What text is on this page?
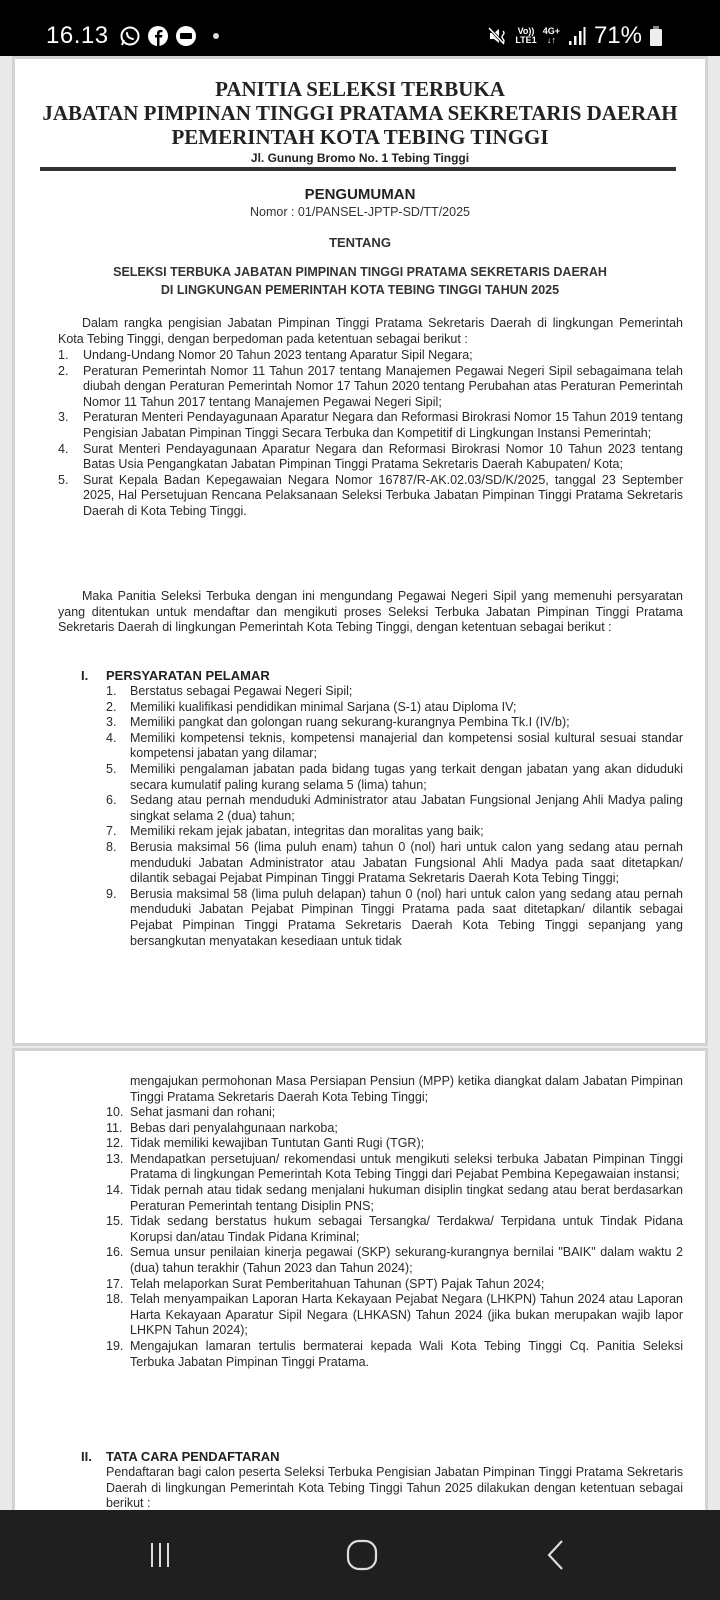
16.13	Vo))
LTE1
4G+
↓↑ 71%
PANITIA SELEKSI TERBUKA
JABATAN PIMPINAN TINGGI PRATAMA SEKRETARIS DAERAH
PEMERINTAH KOTA TEBING TINGGI
Jl. Gunung Bromo No. 1 Tebing Tinggi
PENGUMUMAN
Nomor : 01/PANSEL-JPTP-SD/TT/2025
TENTANG
SELEKSI TERBUKA JABATAN PIMPINAN TINGGI PRATAMA SEKRETARIS DAERAH
DI LINGKUNGAN PEMERINTAH KOTA TEBING TINGGI TAHUN 2025

Dalam rangka pengisian Jabatan Pimpinan Tinggi Pratama Sekretaris Daerah di lingkungan Pemerintah Kota Tebing Tinggi, dengan berpedoman pada ketentuan sebagai berikut :

1. Undang-Undang Nomor 20 Tahun 2023 tentang Aparatur Sipil Negara;
2. Peraturan Pemerintah Nomor 11 Tahun 2017 tentang Manajemen Pegawai Negeri Sipil sebagaimana telah diubah dengan Peraturan Pemerintah Nomor 17 Tahun 2020 tentang Perubahan atas Peraturan Pemerintah Nomor 11 Tahun 2017 tentang Manajemen Pegawai Negeri Sipil;
3. Peraturan Menteri Pendayagunaan Aparatur Negara dan Reformasi Birokrasi Nomor 15 Tahun 2019 tentang Pengisian Jabatan Pimpinan Tinggi Secara Terbuka dan Kompetitif di Lingkungan Instansi Pemerintah;
4. Surat Menteri Pendayagunaan Aparatur Negara dan Reformasi Birokrasi Nomor 10 Tahun 2023 tentang Batas Usia Pengangkatan Jabatan Pimpinan Tinggi Pratama Sekretaris Daerah Kabupaten/ Kota;
5. Surat Kepala Badan Kepegawaian Negara Nomor 16787/R-AK.02.03/SD/K/2025, tanggal 23 September 2025, Hal Persetujuan Rencana Pelaksanaan Seleksi Terbuka Jabatan Pimpinan Tinggi Pratama Sekretaris Daerah di Kota Tebing Tinggi.

Maka Panitia Seleksi Terbuka dengan ini mengundang Pegawai Negeri Sipil yang memenuhi persyaratan yang ditentukan untuk mendaftar dan mengikuti proses Seleksi Terbuka Jabatan Pimpinan Tinggi Pratama Sekretaris Daerah di lingkungan Pemerintah Kota Tebing Tinggi, dengan ketentuan sebagai berikut :

I. PERSYARATAN PELAMAR
1. Berstatus sebagai Pegawai Negeri Sipil;
2. Memiliki kualifikasi pendidikan minimal Sarjana (S-1) atau Diploma IV;
3. Memiliki pangkat dan golongan ruang sekurang-kurangnya Pembina Tk.I (IV/b);
4. Memiliki kompetensi teknis, kompetensi manajerial dan kompetensi sosial kultural sesuai standar kompetensi jabatan yang dilamar;
5. Memiliki pengalaman jabatan pada bidang tugas yang terkait dengan jabatan yang akan diduduki secara kumulatif paling kurang selama 5 (lima) tahun;
6. Sedang atau pernah menduduki Administrator atau Jabatan Fungsional Jenjang Ahli Madya paling singkat selama 2 (dua) tahun;
7. Memiliki rekam jejak jabatan, integritas dan moralitas yang baik;
8. Berusia maksimal 56 (lima puluh enam) tahun 0 (nol) hari untuk calon yang sedang atau pernah menduduki Jabatan Administrator atau Jabatan Fungsional Ahli Madya pada saat ditetapkan/ dilantik sebagai Pejabat Pimpinan Tinggi Pratama Sekretaris Daerah Kota Tebing Tinggi;
9. Berusia maksimal 58 (lima puluh delapan) tahun 0 (nol) hari untuk calon yang sedang atau pernah menduduki Jabatan Pejabat Pimpinan Tinggi Pratama pada saat ditetapkan/ dilantik sebagai Pejabat Pimpinan Tinggi Pratama Sekretaris Daerah Kota Tebing Tinggi sepanjang yang bersangkutan menyatakan kesediaan untuk tidak

mengajukan permohonan Masa Persiapan Pensiun (MPP) ketika diangkat dalam Jabatan Pimpinan Tinggi Pratama Sekretaris Daerah Kota Tebing Tinggi;

10. Sehat jasmani dan rohani;
11. Bebas dari penyalahgunaan narkoba;
12. Tidak memiliki kewajiban Tuntutan Ganti Rugi (TGR);
13. Mendapatkan persetujuan/ rekomendasi untuk mengikuti seleksi terbuka Jabatan Pimpinan Tinggi Pratama di lingkungan Pemerintah Kota Tebing Tinggi dari Pejabat Pembina Kepegawaian instansi;
14. Tidak pernah atau tidak sedang menjalani hukuman disiplin tingkat sedang atau berat berdasarkan Peraturan Pemerintah tentang Disiplin PNS;
15. Tidak sedang berstatus hukum sebagai Tersangka/ Terdakwa/ Terpidana untuk Tindak Pidana Korupsi dan/atau Tindak Pidana Kriminal;
16. Semua unsur penilaian kinerja pegawai (SKP) sekurang-kurangnya bernilai "BAIK" dalam waktu 2 (dua) tahun terakhir (Tahun 2023 dan Tahun 2024);
17. Telah melaporkan Surat Pemberitahuan Tahunan (SPT) Pajak Tahun 2024;
18. Telah menyampaikan Laporan Harta Kekayaan Pejabat Negara (LHKPN) Tahun 2024 atau Laporan Harta Kekayaan Aparatur Sipil Negara (LHKASN) Tahun 2024 (jika bukan merupakan wajib lapor LHKPN Tahun 2024);
19. Mengajukan lamaran tertulis bermaterai kepada Wali Kota Tebing Tinggi Cq. Panitia Seleksi Terbuka Jabatan Pimpinan Tinggi Pratama.
II. TATA CARA PENDAFTARAN

Pendaftaran bagi calon peserta Seleksi Terbuka Pengisian Jabatan Pimpinan Tinggi Pratama Sekretaris Daerah di lingkungan Pemerintah Kota Tebing Tinggi Tahun 2025 dilakukan dengan ketentuan sebagai berikut :
